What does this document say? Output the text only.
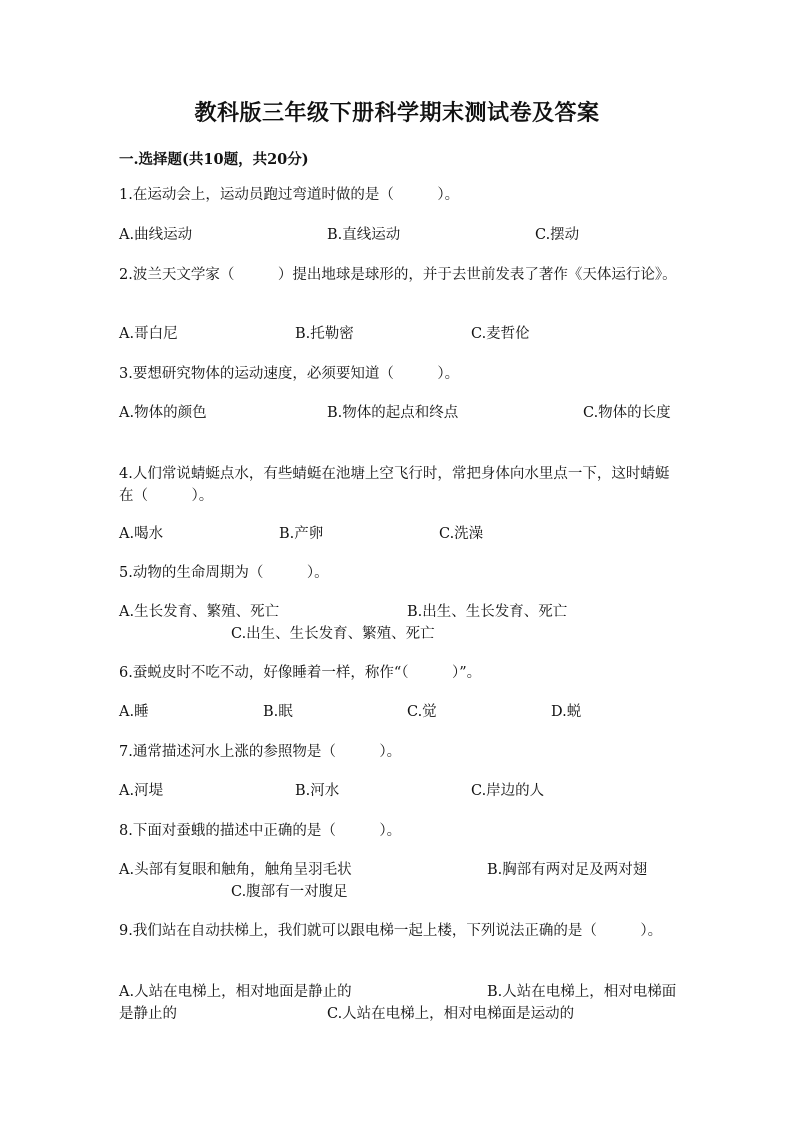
教科版三年级下册科学期末测试卷及答案
一.选择题(共10题，共20分)
1.在运动会上，运动员跑过弯道时做的是（　　　）。
A.曲线运动	B.直线运动	C.摆动
2.波兰天文学家（　　　）提出地球是球形的，并于去世前发表了著作《天体运行论》。
A.哥白尼	B.托勒密	C.麦哲伦
3.要想研究物体的运动速度，必须要知道（　　　）。
A.物体的颜色	B.物体的起点和终点	C.物体的长度
4.人们常说蜻蜓点水，有些蜻蜓在池塘上空飞行时，常把身体向水里点一下，这时蜻蜓在（　　　）。
A.喝水	B.产卵	C.洗澡
5.动物的生命周期为（　　　）。
A.生长发育、繁殖、死亡	B.出生、生长发育、死亡
C.出生、生长发育、繁殖、死亡
6.蚕蜕皮时不吃不动，好像睡着一样，称作“（　　　）”。
A.睡	B.眠	C.觉	D.蜕
7.通常描述河水上涨的参照物是（　　　）。
A.河堤	B.河水	C.岸边的人
8.下面对蚕蛾的描述中正确的是（　　　）。
A.头部有复眼和触角，触角呈羽毛状	B.胸部有两对足及两对翅
C.腹部有一对腹足
9.我们站在自动扶梯上，我们就可以跟电梯一起上楼，下列说法正确的是（　　　）。
A.人站在电梯上，相对地面是静止的	B.人站在电梯上，相对电梯面是静止的	C.人站在电梯上，相对电梯面是运动的
